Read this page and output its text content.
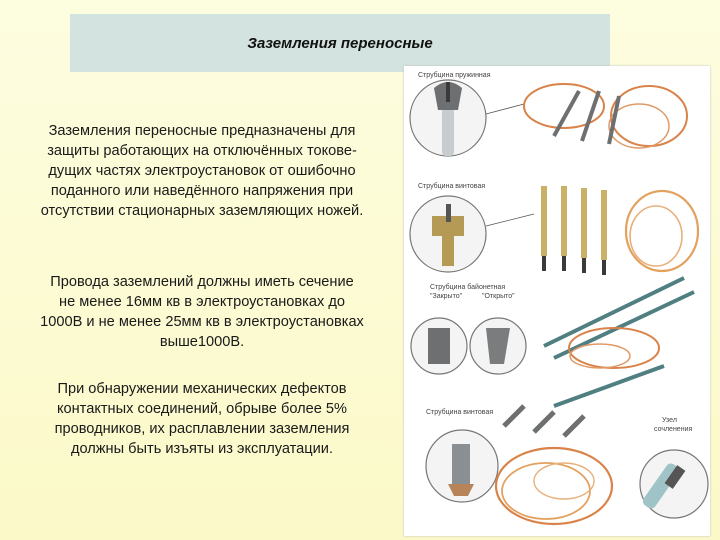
Заземления переносные
Заземления переносные предназначены для
защиты работающих на отключённых токове-
дущих частях электроустановок от ошибочно
поданного или наведённого напряжения при
отсутствии стационарных заземляющих ножей.
Провода заземлений должны иметь сечение
не менее 16мм кв в электроустановках до
1000В и не менее 25мм кв в электроустановках
выше1000В.
При обнаружении механических дефектов
контактных соединений, обрыве более 5%
проводников, их расплавлении заземления
должны быть изъяты из эксплуатации.
Струбцина пружинная
Струбцина винтовая
Струбцина байонетная
"Закрыто"	"Открыто"
Струбцина винтовая
Узел
сочленения
